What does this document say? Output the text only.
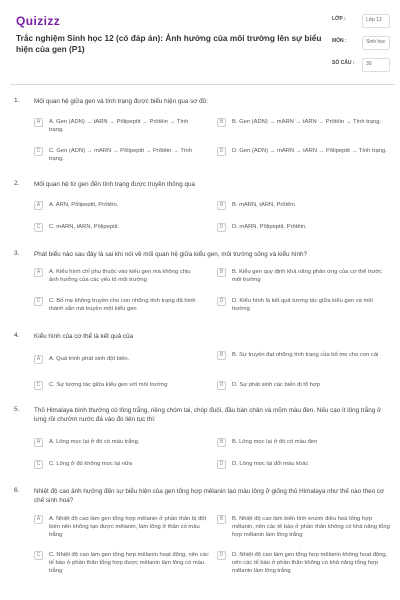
Quizizz
Trắc nghiệm Sinh học 12 (có đáp án): Ảnh hưởng của môi trường lên sự biểu hiện của gen (P1)
LỚP :	Lớp 12
MÔN :	Sinh học
SỐ CÂU :	30
1. Mối quan hệ giữa gen và tính trạng được biểu hiện qua sơ đồ:
A	A. Gen (ADN) → tARN → Pôlipeptit → Prôtêin → Tính trạng.
B	B. Gen (ADN) → mARN → tARN → Prôtêin → Tính trạng.
C	C. Gen (ADN) → mARN → Pôlipeptit → Prôtêin → Tính trạng.
D	D. Gen (ADN) → mARN → tARN → Pôlipeptit → Tính trạng.
2. Mối quan hệ từ gen đến tính trạng được truyền thông qua
A	A. ARN, Pôlipeptit, Prôtêin.	B	B. mARN, tARN, Prôtêin
C	C. mARN, tARN, Pôlipeptit.	D	D. mARN, Pôlipeptit, Prôtêin.
3. Phát biểu nào sau đây là sai khi nói về mối quan hệ giữa kiểu gen, môi trường sống và kiểu hình?
A	A. Kiểu hình chỉ phụ thuộc vào kiểu gen mà không chịu ảnh hưởng của các yếu tố môi trường
B	B. Kiểu gen quy định khả năng phản ứng của cơ thể trước môi trường
C	C. Bố mẹ không truyền cho con những tính trạng đã hình thành sẵn mà truyền một kiểu gen
D	D. Kiểu hình là kết quả tương tác giữa kiểu gen và môi trường
4. Kiểu hình của cơ thể là kết quả của
A	A. Quá trình phát sinh đột biến.
B	B. Sự truyền đạt những tính trạng của bố mẹ cho con cái
C	C. Sự tương tác giữa kiểu gen với môi trường	D	D. Sự phát sinh các biến dị tổ hợp
5. Thỏ Himalaya bình thường có lông trắng, riêng chóm tai, chóp đuôi, đầu bàn chân và mõm màu đen. Nếu cạo ít lông trắng ở lưng rồi chườm nước đá vào đó liên tục thì:
A	A. Lông mọc lại ở đó có màu trắng.	B	B. Lông mọc lại ở đó có màu đen
C	C. Lông ở đó không mọc lại nữa	D	D. Lông mọc lại đổi màu khác
6. Nhiệt độ cao ảnh hưởng đến sự biểu hiện của gen tổng hợp mêlanin tạo màu lông ở giống thỏ Himalaya như thế nào theo cơ chế sinh hoá?
A	A. Nhiệt độ cao làm gen tổng hợp mêlanin ở phần thân bị đột biến nên không tạo được mêlanin, làm lông ở thân có màu trắng
B	B. Nhiệt độ cao làm biến tính enzim điều hoà tổng hợp mêlanin, nên các tế bào ở phần thân không có khả năng tổng hợp mêlanin làm lông trắng
C	C. Nhiệt độ cao làm gen tổng hợp mêlanin hoạt động, nên các tế bào ở phần thân tổng hợp được mêlanin làm lông có màu trắng
D	D. Nhiệt độ cao làm gen tổng hợp mêlanin không hoạt động, nên các tế bào ở phần thân không có khả năng tổng hợp mêlanin làm lông trắng
